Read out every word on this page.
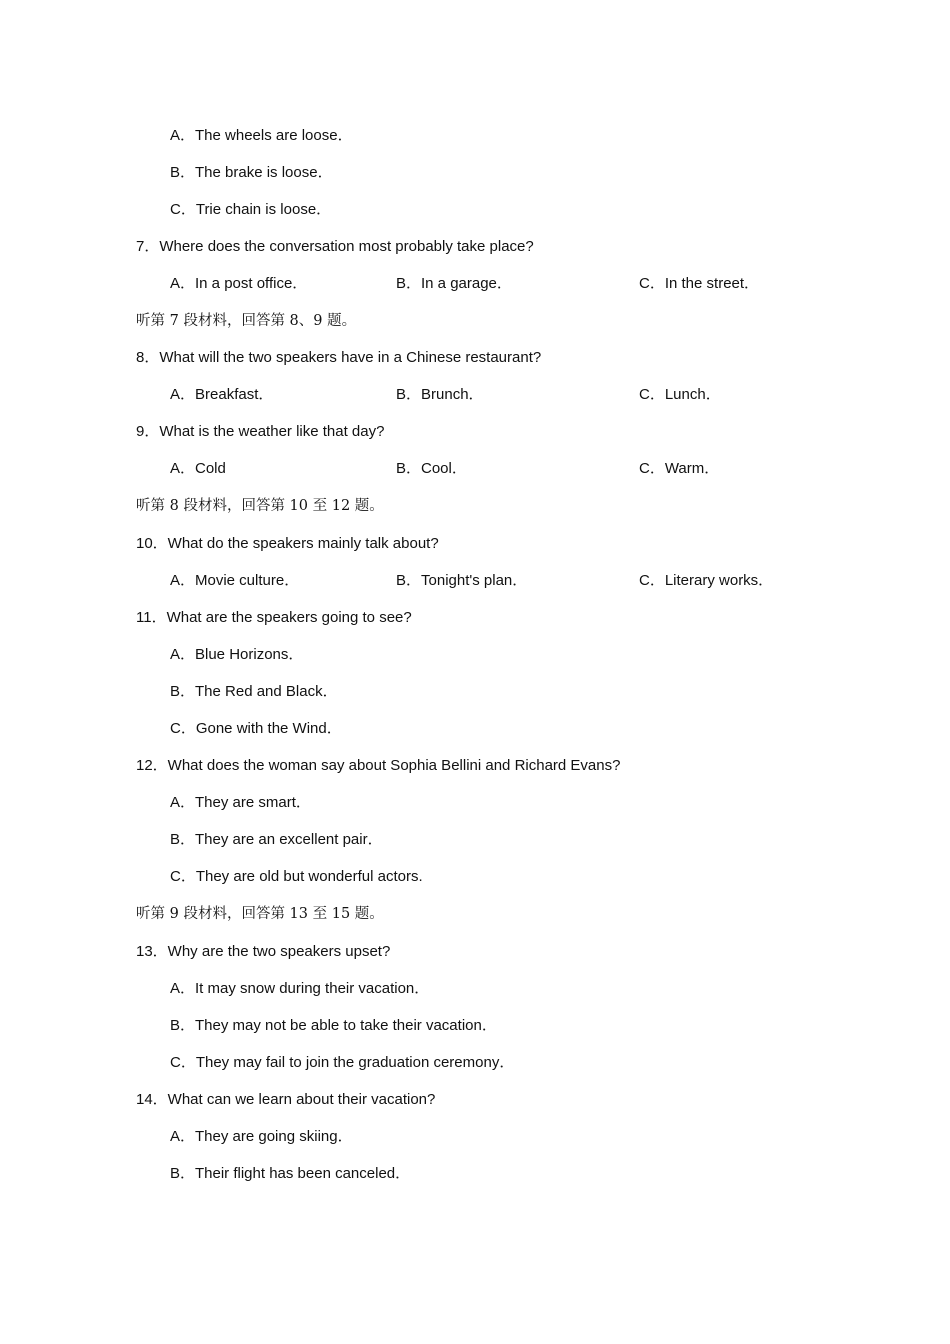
A．The wheels are loose．
B．The brake is loose．
C．Trie chain is loose．
7．Where does the conversation most probably take place?
A．In a post office．	B．In a garage．	C．In the street．
听第 7 段材料，回答第 8、9 题。
8．What will the two speakers have in a Chinese restaurant?
A．Breakfast．	B．Brunch．	C．Lunch．
9．What is the weather like that day?
A．Cold	B．Cool．	C．Warm．
听第 8 段材料，回答第 10 至 12 题。
10．What do the speakers mainly talk about?
A．Movie culture．	B．Tonight's plan．	C．Literary works．
11．What are the speakers going to see?
A．Blue Horizons．
B．The Red and Black．
C．Gone with the Wind．
12．What does the woman say about Sophia Bellini and Richard Evans?
A．They are smart．
B．They are an excellent pair．
C．They are old but wonderful actors.
听第 9 段材料，回答第 13 至 15 题。
13．Why are the two speakers upset?
A．It may snow during their vacation．
B．They may not be able to take their vacation．
C．They may fail to join the graduation ceremony．
14．What can we learn about their vacation?
A．They are going skiing．
B．Their flight has been canceled．
